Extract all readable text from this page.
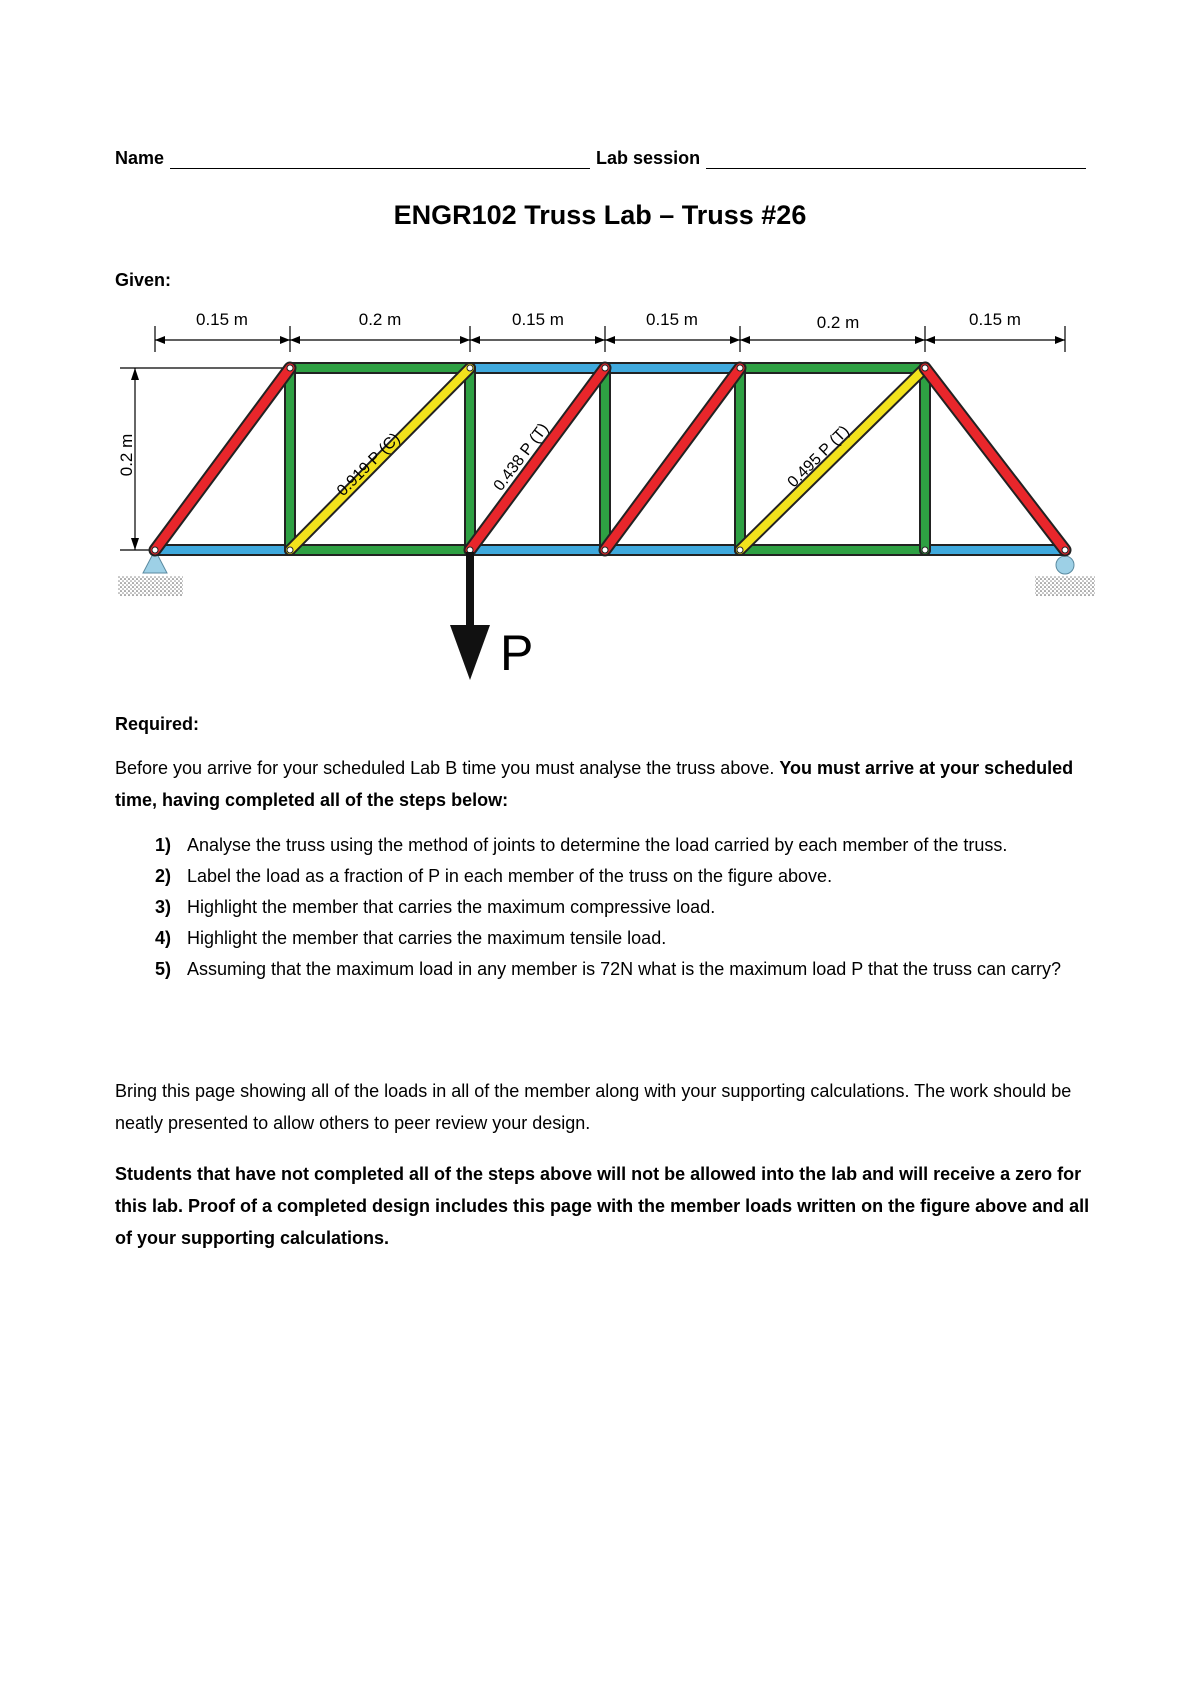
Name	Lab session
ENGR102 Truss Lab – Truss #26
Given:
0.15 m	0.2 m	0.15 m	0.15 m	0.2 m	0.15 m
0.2 m	0.919 P (C)	0.438 P (T)	0.495 P (T)
P
Required:
Before you arrive for your scheduled Lab B time you must analyse the truss above. You must arrive at your scheduled time, having completed all of the steps below:
1) Analyse the truss using the method of joints to determine the load carried by each member of the truss.
2) Label the load as a fraction of P in each member of the truss on the figure above.
3) Highlight the member that carries the maximum compressive load.
4) Highlight the member that carries the maximum tensile load.
5) Assuming that the maximum load in any member is 72N what is the maximum load P that the truss can carry?
Bring this page showing all of the loads in all of the member along with your supporting calculations. The work should be neatly presented to allow others to peer review your design.
Students that have not completed all of the steps above will not be allowed into the lab and will receive a zero for this lab. Proof of a completed design includes this page with the member loads written on the figure above and all of your supporting calculations.
